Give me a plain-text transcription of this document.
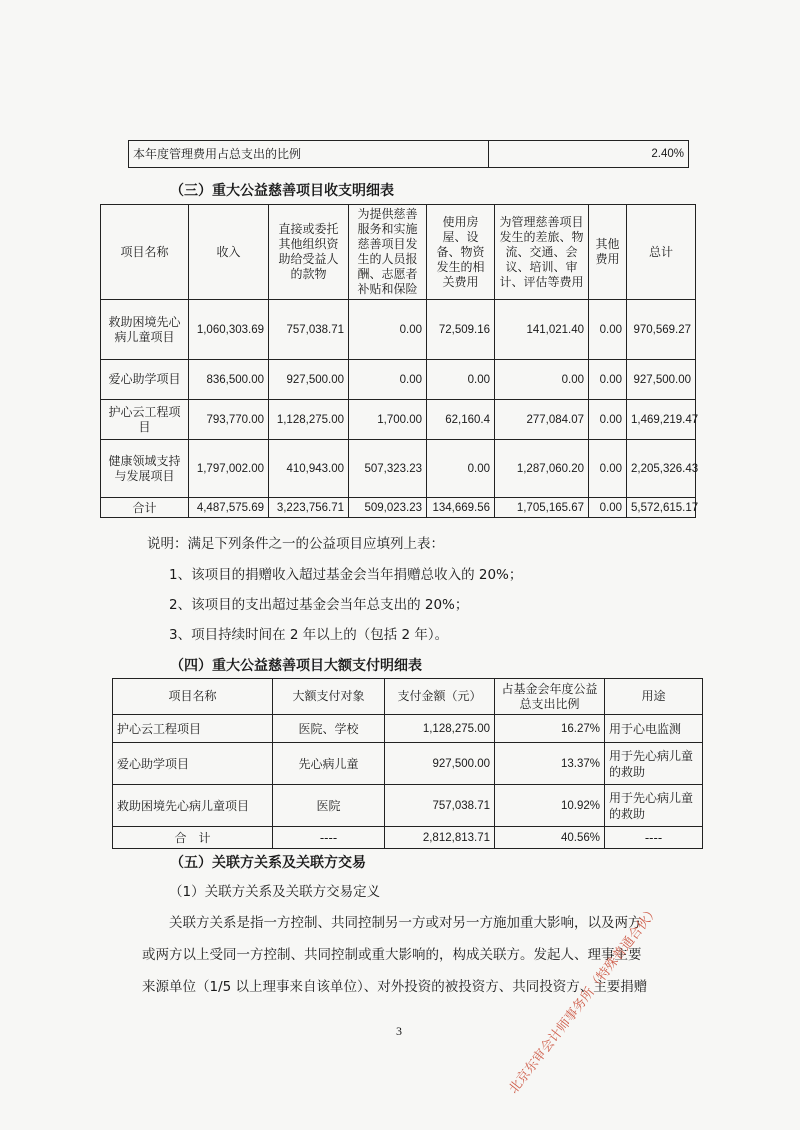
本年度管理费用占总支出的比例	2.40%
（三）重大公益慈善项目收支明细表
项目名称	收入	直接或委托其他组织资助给受益人的款物	为提供慈善服务和实施慈善项目发生的人员报酬、志愿者补贴和保险	使用房屋、设备、物资发生的相关费用	为管理慈善项目发生的差旅、物流、交通、会议、培训、审计、评估等费用	其他费用	总计
救助困境先心病儿童项目	1,060,303.69	757,038.71	0.00	72,509.16	141,021.40	0.00	970,569.27
爱心助学项目	836,500.00	927,500.00	0.00	0.00	0.00	0.00	927,500.00
护心云工程项目	793,770.00	1,128,275.00	1,700.00	62,160.4	277,084.07	0.00	1,469,219.47
健康领域支持与发展项目	1,797,002.00	410,943.00	507,323.23	0.00	1,287,060.20	0.00	2,205,326.43
合计	4,487,575.69	3,223,756.71	509,023.23	134,669.56	1,705,165.67	0.00	5,572,615.17
说明：满足下列条件之一的公益项目应填列上表：
1、该项目的捐赠收入超过基金会当年捐赠总收入的 20%；
2、该项目的支出超过基金会当年总支出的 20%；
3、项目持续时间在 2 年以上的（包括 2 年）。
（四）重大公益慈善项目大额支付明细表
项目名称	大额支付对象	支付金额（元）	占基金会年度公益总支出比例	用途
护心云工程项目	医院、学校	1,128,275.00	16.27%	用于心电监测
爱心助学项目	先心病儿童	927,500.00	13.37%	用于先心病儿童的救助
救助困境先心病儿童项目	医院	757,038.71	10.92%	用于先心病儿童的救助
合　计	----	2,812,813.71	40.56%	----
（五）关联方关系及关联方交易
（1）关联方关系及关联方交易定义
关联方关系是指一方控制、共同控制另一方或对另一方施加重大影响，以及两方
或两方以上受同一方控制、共同控制或重大影响的，构成关联方。发起人、理事主要
来源单位（1/5 以上理事来自该单位）、对外投资的被投资方、共同投资方、主要捐赠
3	北京东审会计师事务所（特殊普通合伙）
